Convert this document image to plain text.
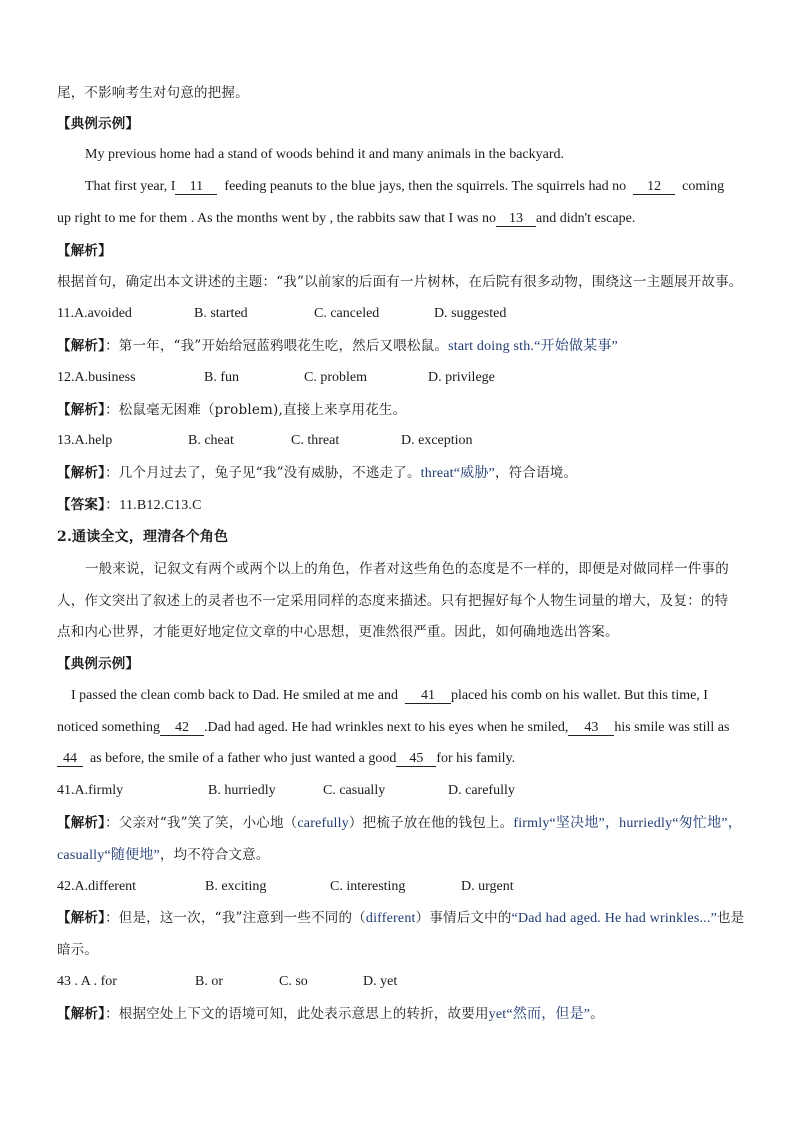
尾，不影响考生对句意的把握。
【典例示例】
My previous home had a stand of woods behind it and many animals in the backyard.
That first year, I 11 feeding peanuts to the blue jays, then the squirrels. The squirrels had no 12 coming
up right to me for them . As the months went by , the rabbits saw that I was no 13 and didn't escape.
【解析】
根据首句，确定出本文讲述的主题：“我”以前家的后面有一片树林，在后院有很多动物，围绕这一主题展开故事。
11.A.avoided	B. started	C. canceled	D. suggested
【解析】：第一年，“我”开始给冠蓝鸦喂花生吃，然后又喂松鼠。start doing sth.“开始做某事”
12.A.business	B. fun	C. problem	D. privilege
【解析】：松鼠毫无困难（problem),直接上来享用花生。
13.A.help	B. cheat	C. threat	D. exception
【解析】：几个月过去了，兔子见“我”没有威胁，不逃走了。threat“威胁”，符合语境。
【答案】：11.B12.C13.C
2.通读全文，理清各个角色
一般来说，记叙文有两个或两个以上的角色，作者对这些角色的态度是不一样的，即便是对做同样一件事的
人，作文突出了叙述上的灵者也不一定采用同样的态度来描述。只有把握好每个人物生词量的增大，及复：的特
点和内心世界，才能更好地定位文章的中心思想，更准然很严重。因此，如何确地选出答案。
【典例示例】
I passed the clean comb back to Dad. He smiled at me and 41 placed his comb on his wallet. But this time, I
noticed something 42 .Dad had aged. He had wrinkles next to his eyes when he smiled, 43 his smile was still as
44 as before, the smile of a father who just wanted a good 45 for his family.
41.A.firmly	B. hurriedly	C. casually	D. carefully
【解析】：父亲对“我”笑了笑，小心地（carefully）把梳子放在他的钱包上。firmly“坚决地”，hurriedly“匆忙地”，
casually“随便地”，均不符合文意。
42.A.different	B. exciting	C. interesting	D. urgent
【解析】：但是，这一次，“我”注意到一些不同的（different）事情后文中的“Dad had aged. He had wrinkles...”也是
暗示。
43 . A . for	B. or	C. so	D. yet
【解析】：根据空处上下文的语境可知，此处表示意思上的转折，故要用yet“然而，但是”。
